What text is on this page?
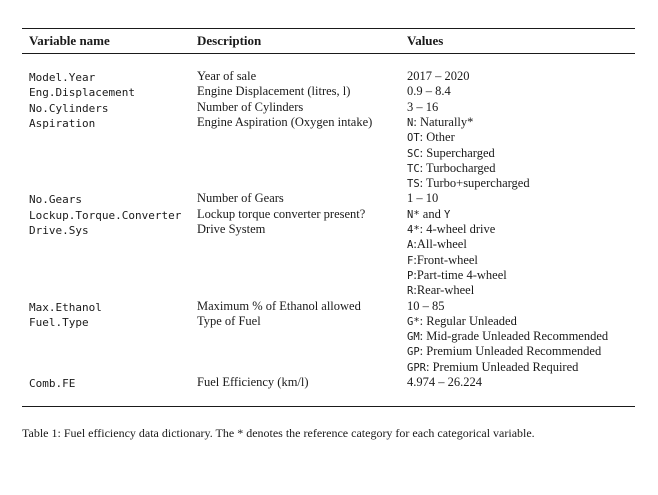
Variable name	Description	Values
Model.Year	Year of sale	2017 – 2020
Eng.Displacement	Engine Displacement (litres, l)	0.9 – 8.4
No.Cylinders	Number of Cylinders	3 – 16
Aspiration	Engine Aspiration (Oxygen intake)	N: Naturally*
OT: Other
SC: Supercharged
TC: Turbocharged
TS: Turbo+supercharged
No.Gears	Number of Gears	1 – 10
Lockup.Torque.Converter Lockup torque converter present?	N* and Y
Drive.Sys	Drive System	4*: 4-wheel drive
A:All-wheel
F:Front-wheel
P:Part-time 4-wheel
R:Rear-wheel
Max.Ethanol	Maximum % of Ethanol allowed	10 – 85
Fuel.Type	Type of Fuel	G*: Regular Unleaded
GM: Mid-grade Unleaded Recommended
GP: Premium Unleaded Recommended
GPR: Premium Unleaded Required
Comb.FE	Fuel Efficiency (km/l)	4.974 – 26.224
Table 1: Fuel efficiency data dictionary. The * denotes the reference category for each categorical variable.
